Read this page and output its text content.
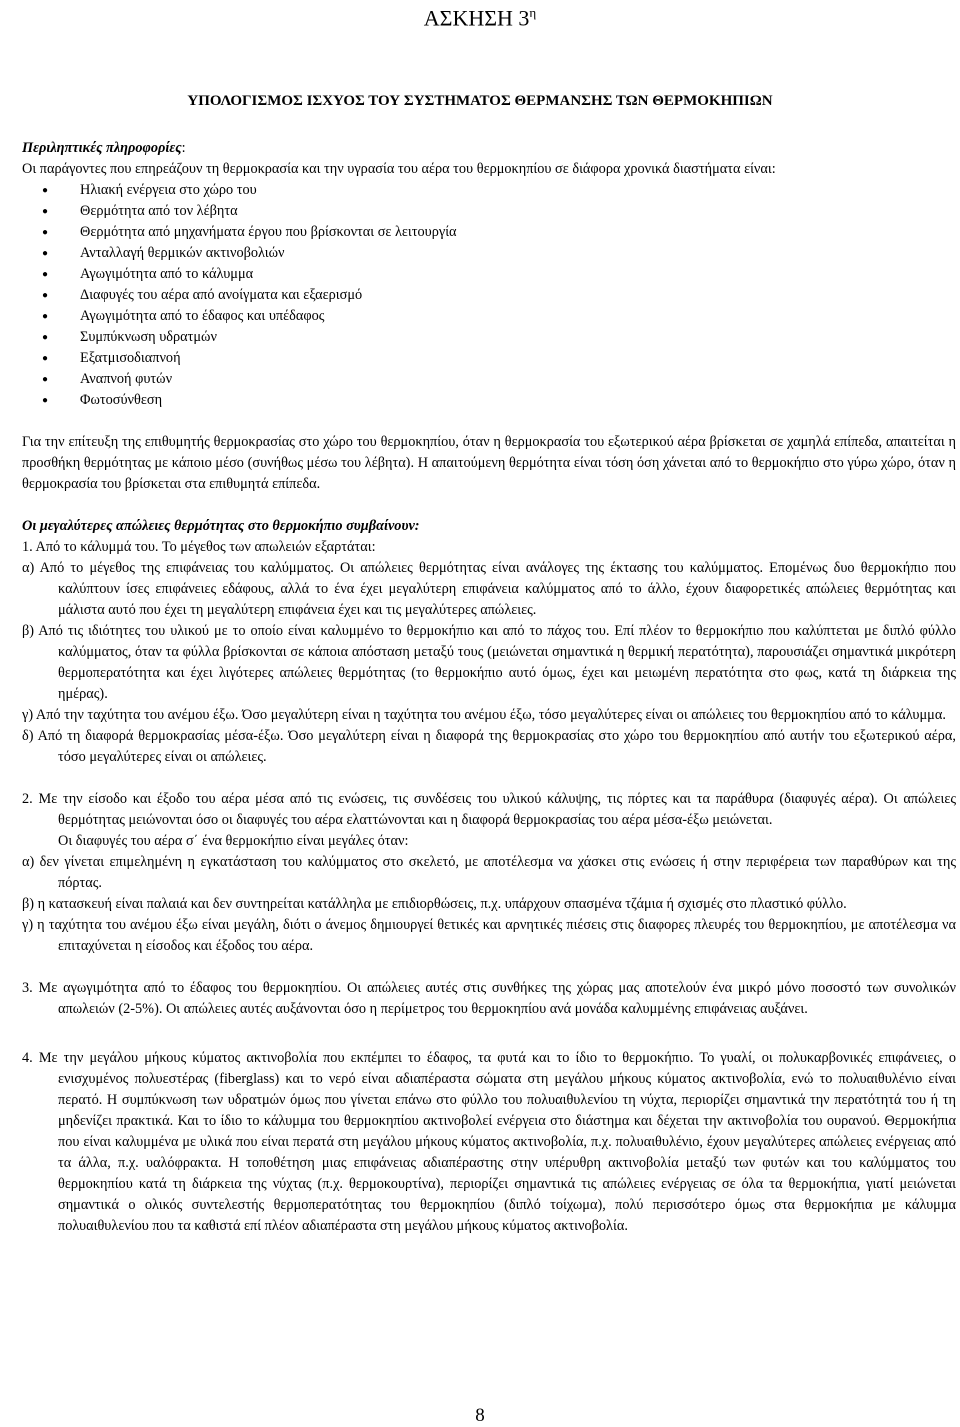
ΑΣΚΗΣΗ $3^\eta$
ΥΠΟΛΟΓΙΣΜΟΣ ΙΣΧΥΟΣ ΤΟΥ ΣΥΣΤΗΜΑΤΟΣ ΘΕΡΜΑΝΣΗΣ ΤΩΝ ΘΕΡΜΟΚΗΠΙΩΝ

Περιληπτικές πληροφορίες:

Οι παράγοντες που επηρεάζουν τη θερμοκρασία και την υγρασία του αέρα του θερμοκηπίου σε διάφορα χρονικά διαστήματα είναι:

● Ηλιακή ενέργεια στο χώρο του
● Θερμότητα από τον λέβητα
● Θερμότητα από μηχανήματα έργου που βρίσκονται σε λειτουργία
● Ανταλλαγή θερμικών ακτινοβολιών
● Αγωγιμότητα από το κάλυμμα
● Διαφυγές του αέρα από ανοίγματα και εξαερισμό
● Αγωγιμότητα από το έδαφος και υπέδαφος
● Συμπύκνωση υδρατμών
● Εξατμισοδιαπνοή
● Αναπνοή φυτών
● Φωτοσύνθεση

Για την επίτευξη της επιθυμητής θερμοκρασίας στο χώρο του θερμοκηπίου, όταν η θερμοκρασία του εξωτερικού αέρα βρίσκεται σε χαμηλά επίπεδα, απαιτείται η προσθήκη θερμότητας με κάποιο μέσο (συνήθως μέσω του λέβητα). Η απαιτούμενη θερμότητα είναι τόση όση χάνεται από το θερμοκήπιο στο γύρω χώρο, όταν η θερμοκρασία του βρίσκεται στα επιθυμητά επίπεδα.

Οι μεγαλύτερες απώλειες θερμότητας στο θερμοκήπιο συμβαίνουν:

1. Από το κάλυμμά του. Το μέγεθος των απωλειών εξαρτάται:

α) Από το μέγεθος της επιφάνειας του καλύμματος. Οι απώλειες θερμότητας είναι ανάλογες της έκτασης του καλύμματος. Επομένως δυο θερμοκήπιο που καλύπτουν ίσες επιφάνειες εδάφους, αλλά το ένα έχει μεγαλύτερη επιφάνεια καλύμματος από το άλλο, έχουν διαφορετικές απώλειες θερμότητας και μάλιστα αυτό που έχει τη μεγαλύτερη επιφάνεια έχει και τις μεγαλύτερες απώλειες.

β) Από τις ιδιότητες του υλικού με το οποίο είναι καλυμμένο το θερμοκήπιο και από το πάχος του. Επί πλέον το θερμοκήπιο που καλύπτεται με διπλό φύλλο καλύμματος, όταν τα φύλλα βρίσκονται σε κάποια απόσταση μεταξύ τους (μειώνεται σημαντικά η θερμική περατότητα), παρουσιάζει σημαντικά μικρότερη θερμοπερατότητα και έχει λιγότερες απώλειες θερμότητας (το θερμοκήπιο αυτό όμως, έχει και μειωμένη περατότητα στο φως, κατά τη διάρκεια της ημέρας).

γ) Από την ταχύτητα του ανέμου έξω. Όσο μεγαλύτερη είναι η ταχύτητα του ανέμου έξω, τόσο μεγαλύτερες είναι οι απώλειες του θερμοκηπίου από το κάλυμμα.

δ) Από τη διαφορά θερμοκρασίας μέσα-έξω. Όσο μεγαλύτερη είναι η διαφορά της θερμοκρασίας στο χώρο του θερμοκηπίου από αυτήν του εξωτερικού αέρα, τόσο μεγαλύτερες είναι οι απώλειες.

2. Με την είσοδο και έξοδο του αέρα μέσα από τις ενώσεις, τις συνδέσεις του υλικού κάλυψης, τις πόρτες και τα παράθυρα (διαφυγές αέρα). Οι απώλειες θερμότητας μειώνονται όσο οι διαφυγές του αέρα ελαττώνονται και η διαφορά θερμοκρασίας του αέρα μέσα-έξω μειώνεται.

Οι διαφυγές του αέρα σ΄ ένα θερμοκήπιο είναι μεγάλες όταν:

α) δεν γίνεται επιμελημένη η εγκατάσταση του καλύμματος στο σκελετό, με αποτέλεσμα να χάσκει στις ενώσεις ή στην περιφέρεια των παραθύρων και της πόρτας.

β) η κατασκευή είναι παλαιά και δεν συντηρείται κατάλληλα με επιδιορθώσεις, π.χ. υπάρχουν σπασμένα τζάμια ή σχισμές στο πλαστικό φύλλο.

γ) η ταχύτητα του ανέμου έξω είναι μεγάλη, διότι ο άνεμος δημιουργεί θετικές και αρνητικές πιέσεις στις διαφορες πλευρές του θερμοκηπίου, με αποτέλεσμα να επιταχύνεται η είσοδος και έξοδος του αέρα.

3. Με αγωγιμότητα από το έδαφος του θερμοκηπίου. Οι απώλειες αυτές στις συνθήκες της χώρας μας αποτελούν ένα μικρό μόνο ποσοστό των συνολικών απωλειών (2-5%). Οι απώλειες αυτές αυξάνονται όσο η περίμετρος του θερμοκηπίου ανά μονάδα καλυμμένης επιφάνειας αυξάνει.

4. Με την μεγάλου μήκους κύματος ακτινοβολία που εκπέμπει το έδαφος, τα φυτά και το ίδιο το θερμοκήπιο. Το γυαλί, οι πολυκαρβονικές επιφάνειες, ο ενισχυμένος πολυεστέρας (fiberglass) και το νερό είναι αδιαπέραστα σώματα στη μεγάλου μήκους κύματος ακτινοβολία, ενώ το πολυαιθυλένιο είναι περατό. Η συμπύκνωση των υδρατμών όμως που γίνεται επάνω στο φύλλο του πολυαιθυλενίου τη νύχτα, περιορίζει σημαντικά την περατότητά του ή τη μηδενίζει πρακτικά. Και το ίδιο το κάλυμμα του θερμοκηπίου ακτινοβολεί ενέργεια στο διάστημα και δέχεται την ακτινοβολία του ουρανού. Θερμοκήπια που είναι καλυμμένα με υλικά που είναι περατά στη μεγάλου μήκους κύματος ακτινοβολία, π.χ. πολυαιθυλένιο, έχουν μεγαλύτερες απώλειες ενέργειας από τα άλλα, π.χ. υαλόφρακτα. Η τοποθέτηση μιας επιφάνειας αδιαπέραστης στην υπέρυθρη ακτινοβολία μεταξύ των φυτών και του καλύμματος του θερμοκηπίου κατά τη διάρκεια της νύχτας (π.χ. θερμοκουρτίνα), περιορίζει σημαντικά τις απώλειες ενέργειας σε όλα τα θερμοκήπια, γιατί μειώνεται σημαντικά ο ολικός συντελεστής θερμοπερατότητας του θερμοκηπίου (διπλό τοίχωμα), πολύ περισσότερο όμως στα θερμοκήπια με κάλυμμα πολυαιθυλενίου που τα καθιστά επί πλέον αδιαπέραστα στη μεγάλου μήκους κύματος ακτινοβολία.

8
